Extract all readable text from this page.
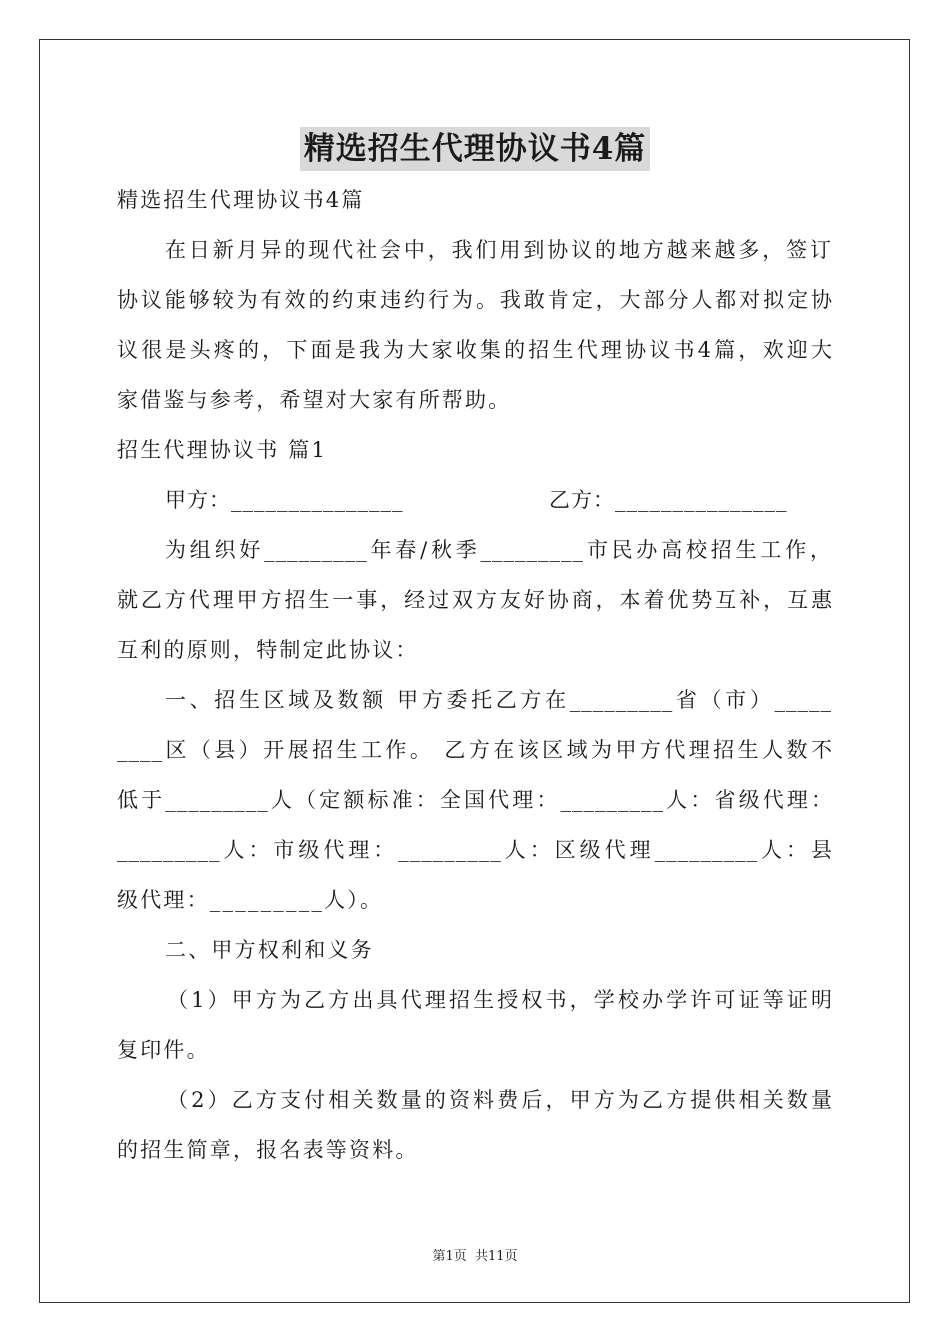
精选招生代理协议书4篇
精选招生代理协议书4篇
在日新月异的现代社会中，我们用到协议的地方越来越多，签订
协议能够较为有效的约束违约行为。我敢肯定，大部分人都对拟定协
议很是头疼的，下面是我为大家收集的招生代理协议书4篇，欢迎大
家借鉴与参考，希望对大家有所帮助。
招生代理协议书 篇1
甲方：_______________	乙方：_______________
为组织好_________年春/秋季_________市民办高校招生工作，
就乙方代理甲方招生一事，经过双方友好协商，本着优势互补，互惠
互利的原则，特制定此协议：
一、招生区域及数额 甲方委托乙方在_________省（市）_____
____区（县）开展招生工作。 乙方在该区域为甲方代理招生人数不
低于_________人（定额标准：全国代理：_________人：省级代理：
_________人：市级代理：_________人：区级代理_________人：县
级代理：_________人）。
二、甲方权利和义务
（1）甲方为乙方出具代理招生授权书，学校办学许可证等证明
复印件。
（2）乙方支付相关数量的资料费后，甲方为乙方提供相关数量
的招生简章，报名表等资料。
第1页 共11页
